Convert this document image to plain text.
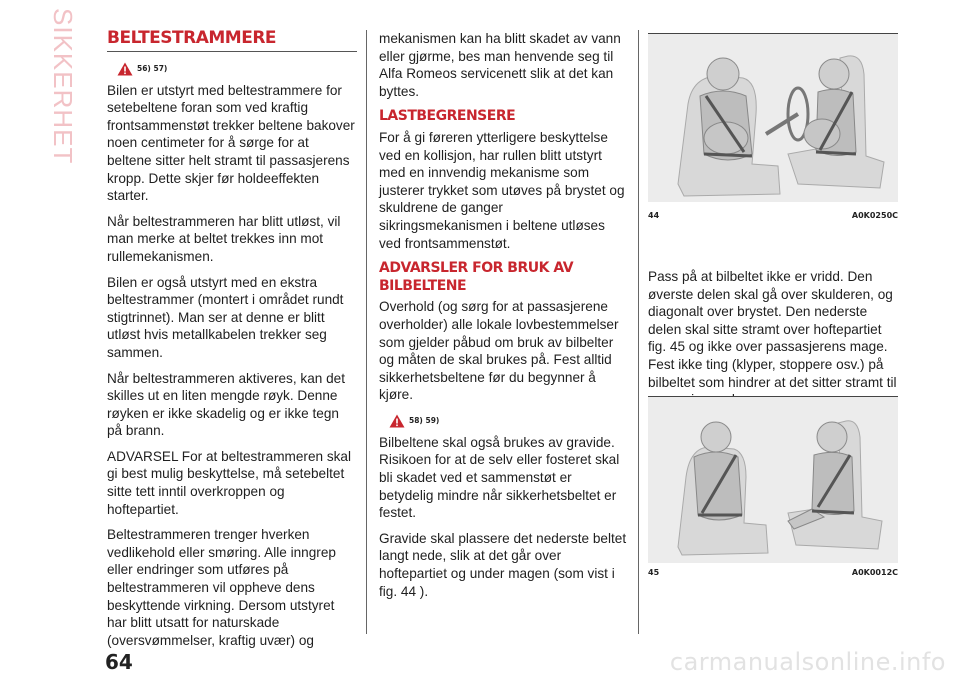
SIKKERHET BELTESTRAMMERE
56) 57)

Bilen er utstyrt med beltestrammere for setebeltene foran som ved kraftig frontsammenstøt trekker beltene bakover noen centimeter for å sørge for at beltene sitter helt stramt til passasjerens kropp. Dette skjer før holdeeffekten starter.

Når beltestrammeren har blitt utløst, vil man merke at beltet trekkes inn mot rullemekanismen.

Bilen er også utstyrt med en ekstra beltestrammer (montert i området rundt stigtrinnet). Man ser at denne er blitt utløst hvis metallkabelen trekker seg sammen.

Når beltestrammeren aktiveres, kan det skilles ut en liten mengde røyk. Denne røyken er ikke skadelig og er ikke tegn på brann.

ADVARSEL For at beltestrammeren skal gi best mulig beskyttelse, må setebeltet sitte tett inntil overkroppen og hoftepartiet.

Beltestrammeren trenger hverken vedlikehold eller smøring. Alle inngrep eller endringer som utføres på beltestrammeren vil oppheve dens beskyttende virkning. Dersom utstyret har blitt utsatt for naturskade (oversvømmelser, kraftig uvær) og

mekanismen kan ha blitt skadet av vann eller gjørme, bes man henvende seg til Alfa Romeos servicenett slik at det kan byttes.

LASTBEGRENSERE

For å gi føreren ytterligere beskyttelse ved en kollisjon, har rullen blitt utstyrt med en innvendig mekanisme som justerer trykket som utøves på brystet og skuldrene de ganger sikringsmekanismen i beltene utløses ved frontsammenstøt.

ADVARSLER FOR BRUK AV BILBELTENE

Overhold (og sørg for at passasjerene overholder) alle lokale lovbestemmelser som gjelder påbud om bruk av bilbelter og måten de skal brukes på. Fest alltid sikkerhetsbeltene før du begynner å kjøre.

58) 59)

Bilbeltene skal også brukes av gravide. Risikoen for at de selv eller fosteret skal bli skadet ved et sammenstøt er betydelig mindre når sikkerhetsbeltet er festet.

Gravide skal plassere det nederste beltet langt nede, slik at det går over hoftepartiet og under magen (som vist i fig. 44 ).

44	A0K0250C

Pass på at bilbeltet ikke er vridd. Den øverste delen skal gå over skulderen, og diagonalt over brystet. Den nederste delen skal sitte stramt over hoftepartiet fig. 45 og ikke over passasjerens mage. Fest ikke ting (klyper, stoppere osv.) på bilbeltet som hindrer at det sitter stramt til

45	A0K0012C
64	carmanualsonline.info
